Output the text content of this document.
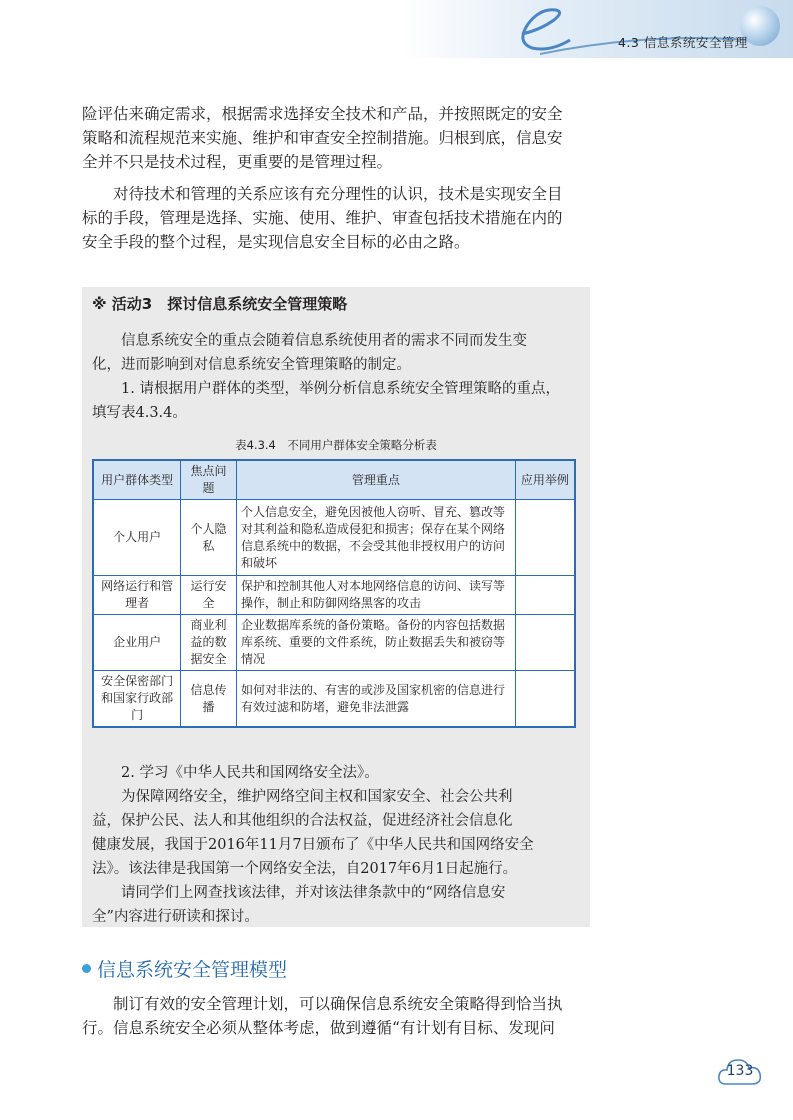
4.3 信息系统安全管理
险评估来确定需求，根据需求选择安全技术和产品，并按照既定的安全
策略和流程规范来实施、维护和审查安全控制措施。归根到底，信息安
全并不只是技术过程，更重要的是管理过程。
　　对待技术和管理的关系应该有充分理性的认识，技术是实现安全目
标的手段，管理是选择、实施、使用、维护、审查包括技术措施在内的
安全手段的整个过程，是实现信息安全目标的必由之路。
※ 活动3　探讨信息系统安全管理策略
　　信息系统安全的重点会随着信息系统使用者的需求不同而发生变
化，进而影响到对信息系统安全管理策略的制定。
　　1. 请根据用户群体的类型，举例分析信息系统安全管理策略的重点，
填写表4.3.4。
表4.3.4　不同用户群体安全策略分析表
用户群体类型	焦点问题	管理重点	应用举例
个人用户	个人隐私	个人信息安全，避免因被他人窃听、冒充、篡改等对其利益和隐私造成侵犯和损害；保存在某个网络信息系统中的数据，不会受其他非授权用户的访问和破坏	
网络运行和管理者	运行安全	保护和控制其他人对本地网络信息的访问、读写等操作，制止和防御网络黑客的攻击	
企业用户	商业利益的数据安全	企业数据库系统的备份策略。备份的内容包括数据库系统、重要的文件系统，防止数据丢失和被窃等情况	
安全保密部门和国家行政部门	信息传播	如何对非法的、有害的或涉及国家机密的信息进行有效过滤和防堵，避免非法泄露	
　　2. 学习《中华人民共和国网络安全法》。
　　为保障网络安全，维护网络空间主权和国家安全、社会公共利
益，保护公民、法人和其他组织的合法权益，促进经济社会信息化
健康发展，我国于2016年11月7日颁布了《中华人民共和国网络安全
法》。该法律是我国第一个网络安全法，自2017年6月1日起施行。
　　请同学们上网查找该法律，并对该法律条款中的“网络信息安
全”内容进行研读和探讨。
信息系统安全管理模型
　　制订有效的安全管理计划，可以确保信息系统安全策略得到恰当执
行。信息系统安全必须从整体考虑，做到遵循“有计划有目标、发现问
133
